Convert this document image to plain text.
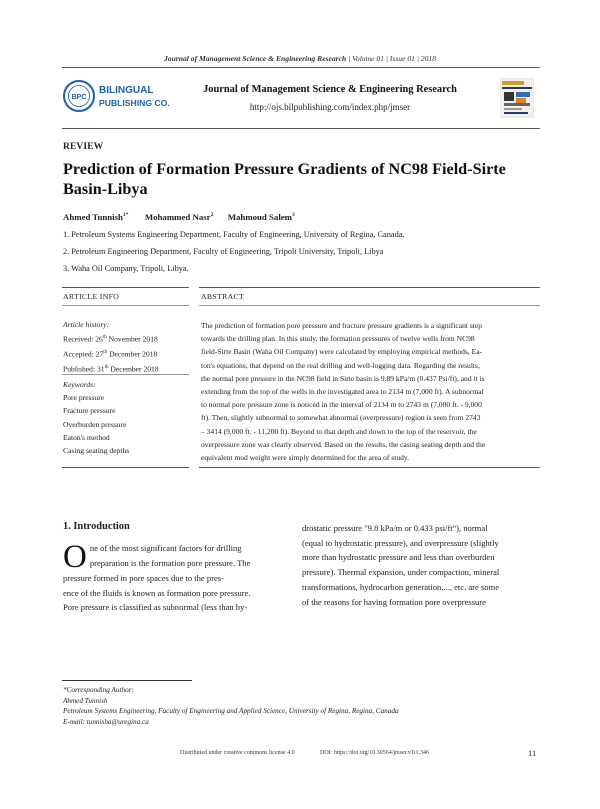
Journal of Management Science & Engineering Research | Volume 01 | Issue 01 | 2018
BPC
BILINGUAL
PUBLISHING CO.
Journal of Management Science & Engineering Research
http://ojs.bilpublishing.com/index.php/jmser
REVIEW
Prediction of Formation Pressure Gradients of NC98 Field-Sirte
Basin-Libya
Ahmed Tunnish$^{1*}$ Mohammed Nasr$^2$ Mahmoud Salem$^3$
1. Petroleum Systems Engineering Department, Faculty of Engineering, University of Regina, Canada.
2. Petroleum Engineering Department, Faculty of Engineering, Tripoli University, Tripoli, Libya
3. Waha Oil Company, Tripoli, Libya.
ARTICLE INFO	ABSTRACT
Article history:
Received: 26th November 2018
Accepted: 27th December 2018
Published: 31th December 2018
Keywords:
Pore pressure
Fracture pressure
Overburden pressure
Eaton's method
Casing seating depths
The prediction of formation pore pressure and fracture pressure gradients is a significant step
towards the drilling plan. In this study, the formation pressures of twelve wells from NC98
field-Sirte Basin (Waha Oil Company) were calculated by employing empirical methods, Ea-
ton's equations, that depend on the real drilling and well-logging data. Regarding the results,
the normal pore pressure in the NC98 field in Sirte basin is 9.89 kPa/m (0.437 Psi/ft), and it is
extending from the top of the wells in the investigated area to 2134 m (7,000 ft). A subnormal
to normal pore pressure zone is noticed in the interval of 2134 m to 2743 m (7,000 ft. - 9,000
ft). Then, slightly subnormal to somewhat abnormal (overpressure) region is seen from 2743
– 3414 (9,000 ft. - 11,200 ft). Beyond to that depth and down to the top of the reservoir, the
overpressure zone was clearly observed. Based on the results, the casing seating depth and the
equivalent mud weight were simply determined for the area of study.
1. Introduction
O ne of the most significant factors for drilling
preparation is the formation pore pressure. The
pressure formed in pore spaces due to the pres-
ence of the fluids is known as formation pore pressure.
Pore pressure is classified as subnormal (less than hy-
drostatic pressure "9.8 kPa/m or 0.433 psi/ft"), normal
(equal to hydrostatic pressure), and overpressure (slightly
more than hydrostatic pressure and less than overburden
pressure). Thermal expansion, under compaction, mineral
transformations, hydrocarbon generation,..., etc. are some
of the reasons for having formation pore overpressure
*Corresponding Author:
Ahmed Tunnish
Petroleum Systems Engineering, Faculty of Engineering and Applied Science, University of Regina, Regina, Canada
E-mail: tunnisha@uregina.ca
Distributed under creative commons license 4.0	DOI: https://doi.org/10.30564/jmser.v1i1.346	11
